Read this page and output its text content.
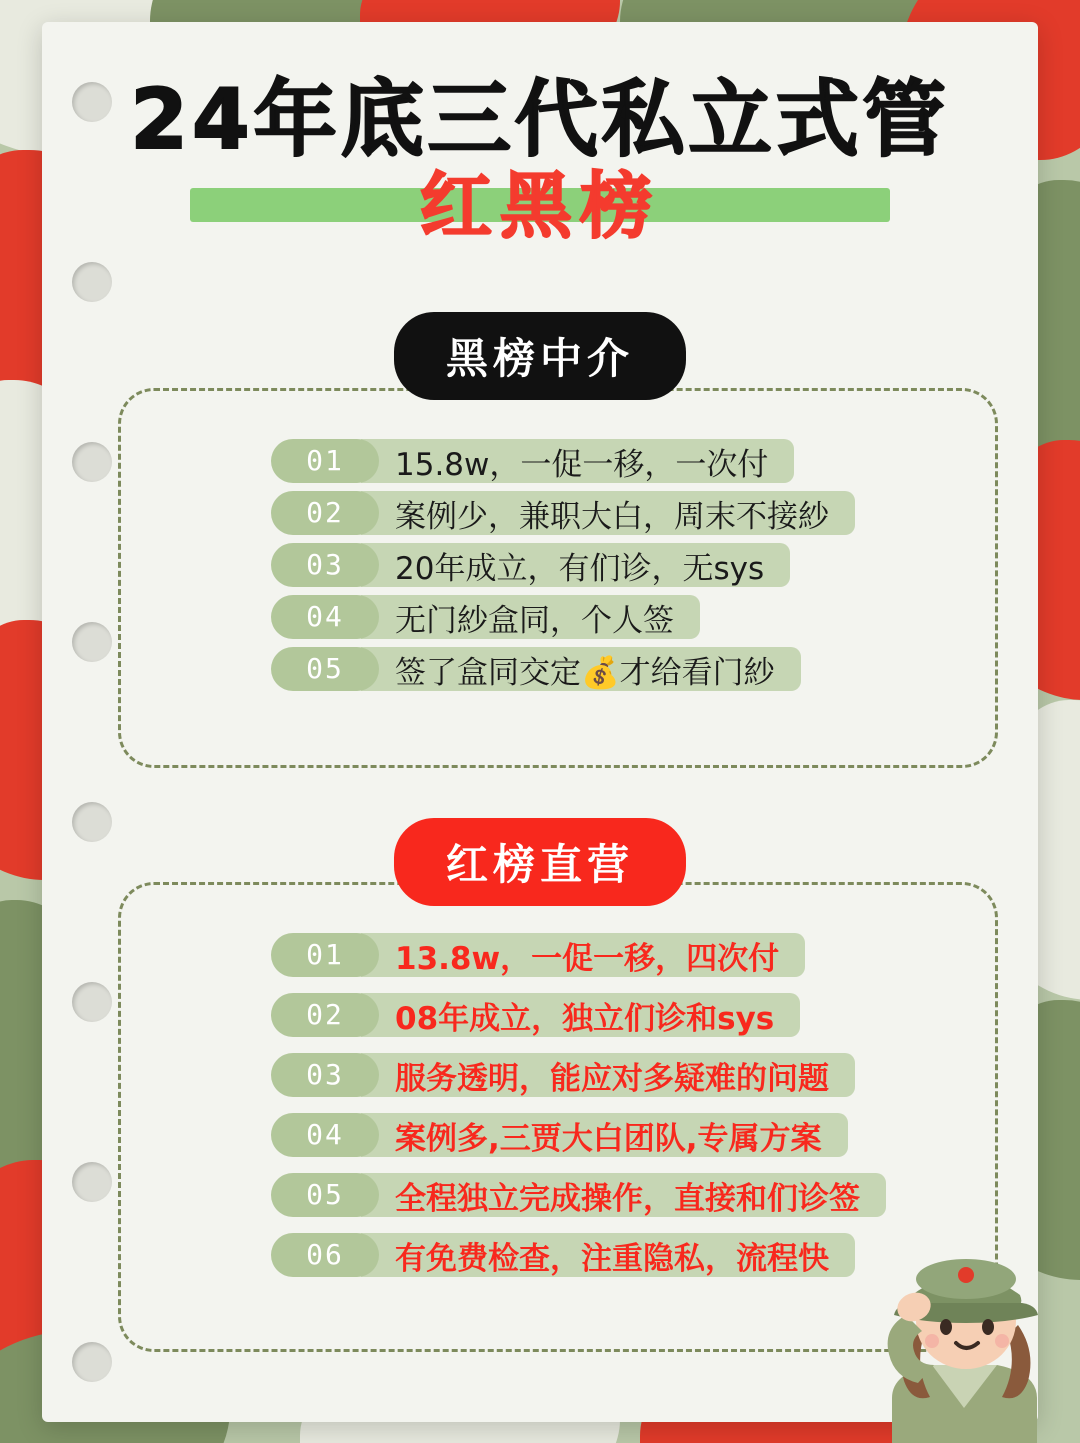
24年底三代私立式管
红黑榜
黑榜中介
01	15.8w，一促一移，一次付
02	案例少，兼职大白，周末不接紗
03	20年成立，有们诊，无sys
04	无门紗盒同，个人签
05	签了盒同交定💰才给看门紗
红榜直营
01	13.8w，一促一移，四次付
02	08年成立，独立们诊和sys
03	服务透明，能应对多疑难的问题
04	案例多,三贾大白团队,专属方案
05	全程独立完成操作，直接和们诊签
06	有免费检查，注重隐私，流程快
